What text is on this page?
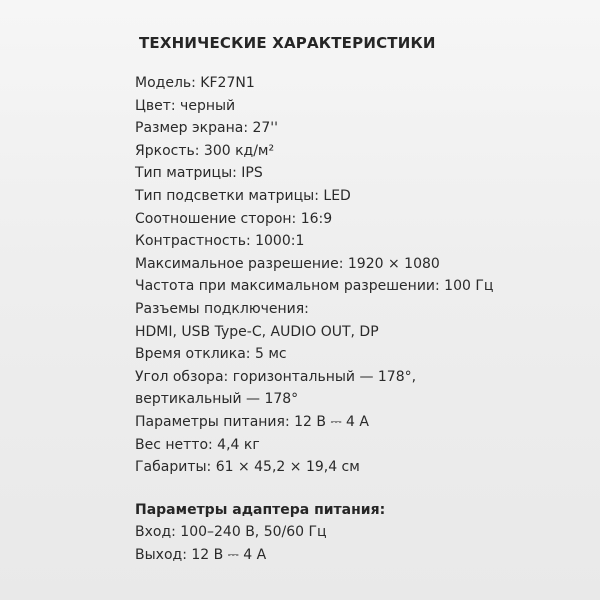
ТЕХНИЧЕСКИЕ ХАРАКТЕРИСТИКИ
Модель: KF27N1
Цвет: черный
Размер экрана: 27''
Яркость: 300 кд/м²
Тип матрицы: IPS
Тип подсветки матрицы: LED
Соотношение сторон: 16:9
Контрастность: 1000:1
Максимальное разрешение: 1920 × 1080
Частота при максимальном разрешении: 100 Гц
Разъемы подключения:
HDMI, USB Type-C, AUDIO OUT, DP
Время отклика: 5 мс
Угол обзора: горизонтальный — 178°,
вертикальный — 178°
Параметры питания: 12 В ⎓ 4 А
Вес нетто: 4,4 кг
Габариты: 61 × 45,2 × 19,4 см
Параметры адаптера питания:
Вход: 100–240 В, 50/60 Гц
Выход: 12 В ⎓ 4 А
